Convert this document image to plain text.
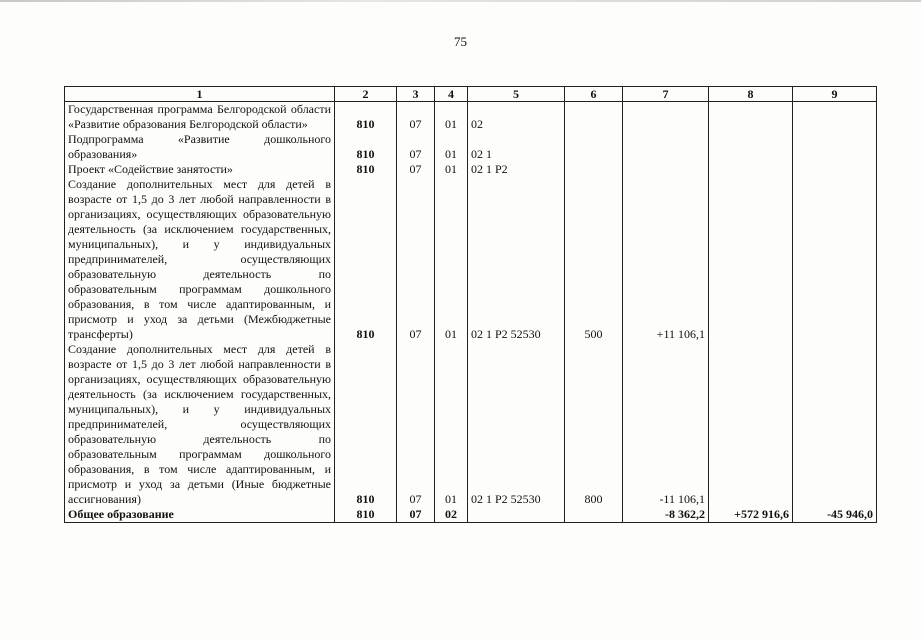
75
1	2	3	4	5	6	7	8	9
Государственная программа Белгородской области «Развитие образования Белгородской области»	810	07	01	02				
Подпрограмма «Развитие дошкольного образования»	810	07	01	02 1				
Проект «Содействие занятости»	810	07	01	02 1 P2				
Создание дополнительных мест для детей в возрасте от 1,5 до 3 лет любой направленности в организациях, осуществляющих образовательную деятельность (за исключением государственных, муниципальных), и у индивидуальных предпринимателей, осуществляющих образовательную деятельность по образовательным программам дошкольного образования, в том числе адаптированным, и присмотр и уход за детьми (Межбюджетные трансферты)	810	07	01	02 1 P2 52530	500	+11 106,1		
Создание дополнительных мест для детей в возрасте от 1,5 до 3 лет любой направленности в организациях, осуществляющих образовательную деятельность (за исключением государственных, муниципальных), и у индивидуальных предпринимателей, осуществляющих образовательную деятельность по образовательным программам дошкольного образования, в том числе адаптированным, и присмотр и уход за детьми (Иные бюджетные ассигнования)	810	07	01	02 1 P2 52530	800	-11 106,1		
Общее образование	810	07	02			-8 362,2	+572 916,6	-45 946,0
